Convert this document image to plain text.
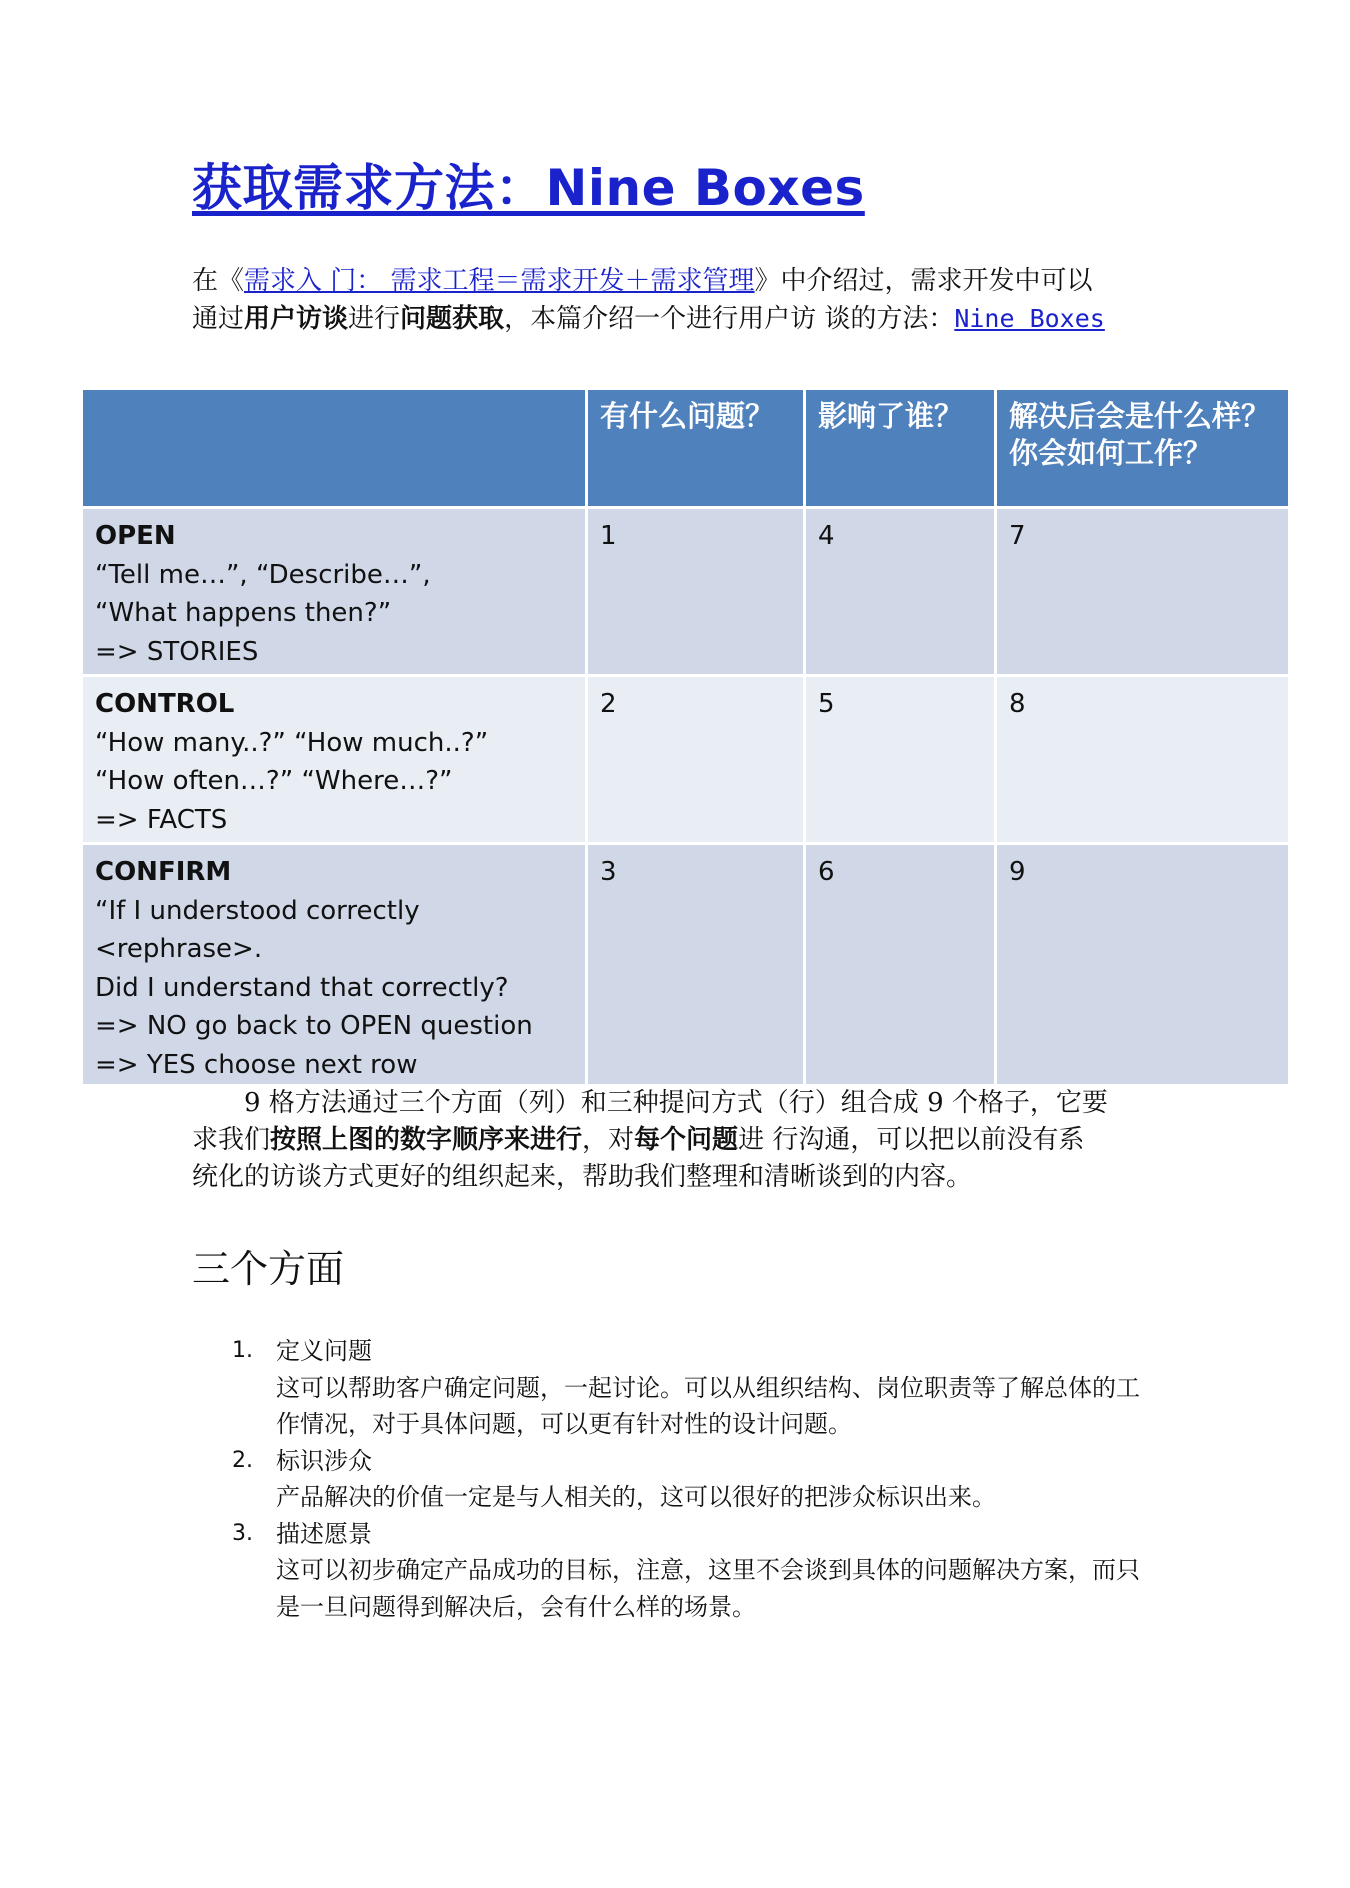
获取需求方法：Nine Boxes
在《需求入 门： 需求工程＝需求开发＋需求管理》中介绍过，需求开发中可以
通过用户访谈进行问题获取，本篇介绍一个进行用户访 谈的方法：Nine Boxes
	有什么问题？	影响了谁？	解决后会是什么样？你会如何工作？

OPEN
“Tell me…”, “Describe…”,
“What happens then?”
=> STORIES	1	4	7

CONTROL
“How many..?” “How much..?”
“How often…?” “Where…?”
=> FACTS	2	5	8

CONFIRM
“If I understood correctly <rephrase>.
Did I understand that correctly?
=> NO go back to OPEN question
=> YES choose next row	3	6	9
9 格方法通过三个方面（列）和三种提问方式（行）组合成 9 个格子，它要
求我们按照上图的数字顺序来进行，对每个问题进 行沟通，可以把以前没有系
统化的访谈方式更好的组织起来，帮助我们整理和清晰谈到的内容。
三个方面
1. 定义问题
这可以帮助客户确定问题，一起讨论。可以从组织结构、岗位职责等了解总体的工
作情况，对于具体问题，可以更有针对性的设计问题。
2. 标识涉众
产品解决的价值一定是与人相关的，这可以很好的把涉众标识出来。
3. 描述愿景
这可以初步确定产品成功的目标，注意，这里不会谈到具体的问题解决方案，而只
是一旦问题得到解决后，会有什么样的场景。
